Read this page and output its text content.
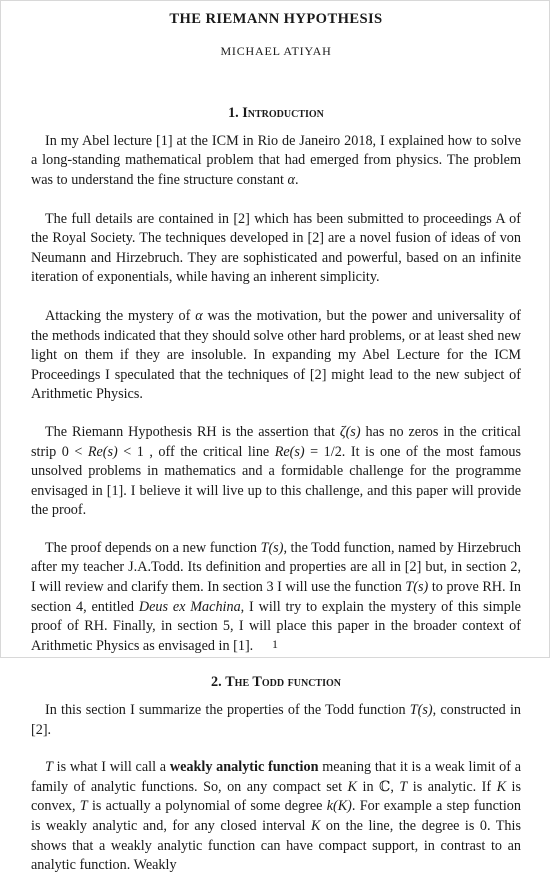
THE RIEMANN HYPOTHESIS
MICHAEL ATIYAH
1. Introduction

In my Abel lecture [1] at the ICM in Rio de Janeiro 2018, I explained how to solve a long-standing mathematical problem that had emerged from physics. The problem was to understand the fine structure constant α.

The full details are contained in [2] which has been submitted to proceedings A of the Royal Society. The techniques developed in [2] are a novel fusion of ideas of von Neumann and Hirzebruch. They are sophisticated and powerful, based on an infinite iteration of exponentials, while having an inherent simplicity.

Attacking the mystery of α was the motivation, but the power and universality of the methods indicated that they should solve other hard problems, or at least shed new light on them if they are insoluble. In expanding my Abel Lecture for the ICM Proceedings I speculated that the techniques of [2] might lead to the new subject of Arithmetic Physics.

The Riemann Hypothesis RH is the assertion that ζ(s) has no zeros in the critical strip 0 < Re(s) < 1 , off the critical line Re(s) = 1/2. It is one of the most famous unsolved problems in mathematics and a formidable challenge for the programme envisaged in [1]. I believe it will live up to this challenge, and this paper will provide the proof.

The proof depends on a new function T(s), the Todd function, named by Hirzebruch after my teacher J.A.Todd. Its definition and properties are all in [2] but, in section 2, I will review and clarify them. In section 3 I will use the function T(s) to prove RH. In section 4, entitled Deus ex Machina, I will try to explain the mystery of this simple proof of RH. Finally, in section 5, I will place this paper in the broader context of Arithmetic Physics as envisaged in [1].

2. The Todd function

In this section I summarize the properties of the Todd function T(s), constructed in [2].

T is what I will call a weakly analytic function meaning that it is a weak limit of a family of analytic functions. So, on any compact set K in ℂ, T is analytic. If K is convex, T is actually a polynomial of some degree k(K). For example a step function is weakly analytic and, for any closed interval K on the line, the degree is 0. This shows that a weakly analytic function can have compact support, in contrast to an analytic function. Weakly

1
